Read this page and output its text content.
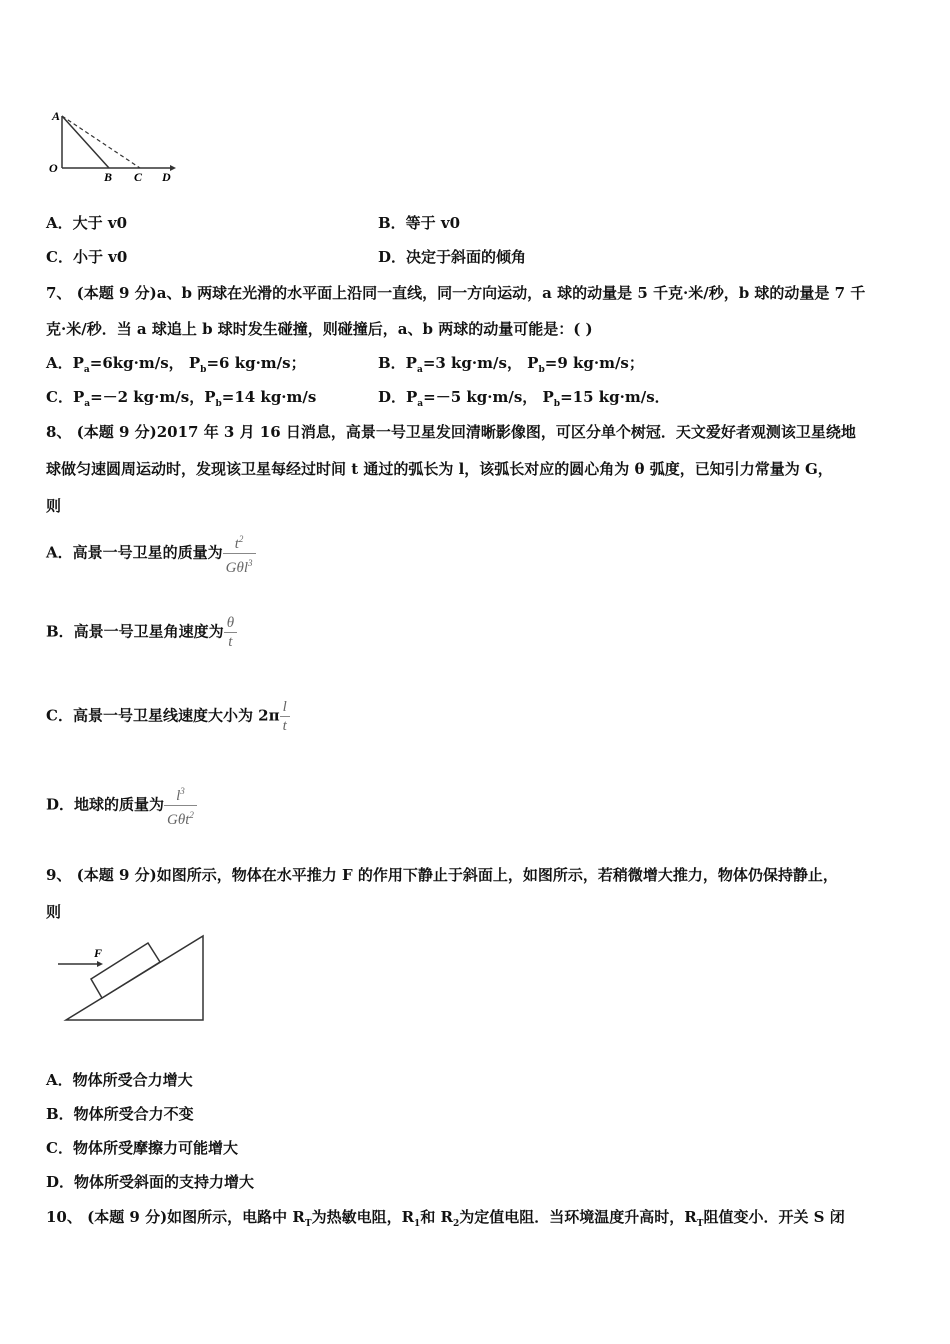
A
O
B C D
A．大于 v0	B．等于 v0
C．小于 v0	D．决定于斜面的倾角
7、 (本题 9 分)a、b 两球在光滑的水平面上沿同一直线，同一方向运动，a 球的动量是 5 千克·米/秒，b 球的动量是 7 千
克·米/秒．当 a 球追上 b 球时发生碰撞，则碰撞后，a、b 两球的动量可能是：( )
A．$P_a=6kg\cdot m/s$， $P_b=6$ kg·m/s；	B．$P_a=3$ kg·m/s， $P_b=9$ kg·m/s；
C．$P_a=-2$ kg·m/s，$P_b=14$ kg·m/s	D．$P_a=-5$ kg·m/s， $P_b=15$ kg·m/s．
8、 (本题 9 分)2017 年 3 月 16 日消息，高景一号卫星发回清晰影像图，可区分单个树冠．天文爱好者观测该卫星绕地
球做匀速圆周运动时，发现该卫星每经过时间 t 通过的弧长为 l，该弧长对应的圆心角为 θ 弧度，已知引力常量为 G，
则
A．高景一号卫星的质量为 $\frac{t^2}{G\theta l^3}$
B．高景一号卫星角速度为 $\frac{\theta}{t}$
C．高景一号卫星线速度大小为 $2\pi \frac{l}{t}$
D．地球的质量为 $\frac{l^3}{G\theta t^2}$
9、 (本题 9 分)如图所示，物体在水平推力 F 的作用下静止于斜面上，如图所示，若稍微增大推力，物体仍保持静止，
则
F
A．物体所受合力增大
B．物体所受合力不变
C．物体所受摩擦力可能增大
D．物体所受斜面的支持力增大
10、 (本题 9 分)如图所示，电路中 $R_T$为热敏电阻，$R_1$和 $R_2$为定值电阻．当环境温度升高时，$R_T$阻值变小．开关 S 闭
